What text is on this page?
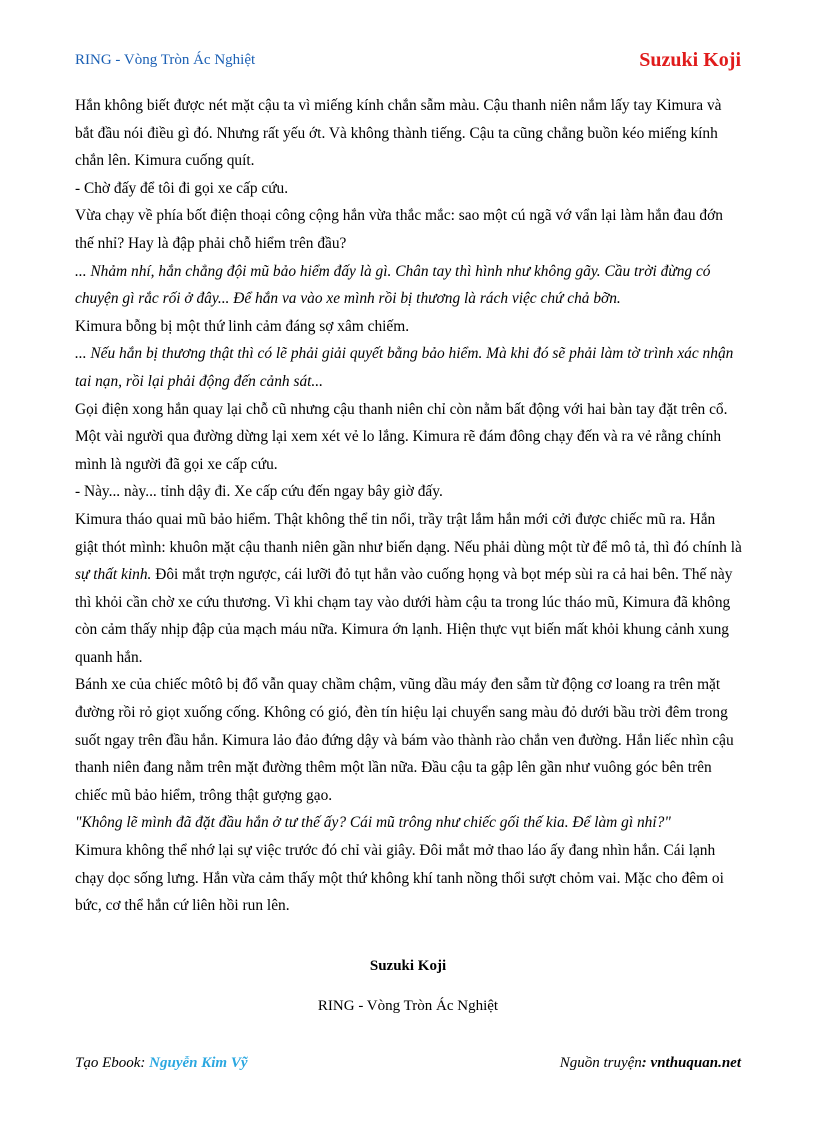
RING - Vòng Tròn Ác Nghiệt	Suzuki Koji

Hắn không biết được nét mặt cậu ta vì miếng kính chắn sẫm màu. Cậu thanh niên nắm lấy tay Kimura và bắt đầu nói điều gì đó. Nhưng rất yếu ớt. Và không thành tiếng. Cậu ta cũng chẳng buồn kéo miếng kính chắn lên. Kimura cuống quít.

- Chờ đấy để tôi đi gọi xe cấp cứu.

Vừa chạy về phía bốt điện thoại công cộng hắn vừa thắc mắc: sao một cú ngã vớ vẩn lại làm hắn đau đớn thế nhỉ? Hay là đập phải chỗ hiểm trên đầu?

... Nhảm nhí, hắn chẳng đội mũ bảo hiểm đấy là gì. Chân tay thì hình như không gãy. Cầu trời đừng có chuyện gì rắc rối ở đây... Để hắn va vào xe mình rồi bị thương là rách việc chứ chả bỡn.

Kimura bỗng bị một thứ linh cảm đáng sợ xâm chiếm.

... Nếu hắn bị thương thật thì có lẽ phải giải quyết bằng bảo hiểm. Mà khi đó sẽ phải làm tờ trình xác nhận tai nạn, rồi lại phải động đến cảnh sát...

Gọi điện xong hắn quay lại chỗ cũ nhưng cậu thanh niên chỉ còn nằm bất động với hai bàn tay đặt trên cổ. Một vài người qua đường dừng lại xem xét vẻ lo lắng. Kimura rẽ đám đông chạy đến và ra vẻ rằng chính mình là người đã gọi xe cấp cứu.

- Này... này... tỉnh dậy đi. Xe cấp cứu đến ngay bây giờ đấy.

Kimura tháo quai mũ bảo hiểm. Thật không thể tin nổi, trầy trật lắm hắn mới cởi được chiếc mũ ra. Hắn giật thót mình: khuôn mặt cậu thanh niên gần như biến dạng. Nếu phải dùng một từ để mô tả, thì đó chính là sự thất kinh. Đôi mắt trợn ngược, cái lưỡi đỏ tụt hẳn vào cuống họng và bọt mép sùi ra cả hai bên. Thế này thì khỏi cần chờ xe cứu thương. Vì khi chạm tay vào dưới hàm cậu ta trong lúc tháo mũ, Kimura đã không còn cảm thấy nhịp đập của mạch máu nữa. Kimura ớn lạnh. Hiện thực vụt biến mất khỏi khung cảnh xung quanh hắn.

Bánh xe của chiếc môtô bị đổ vẫn quay chầm chậm, vũng dầu máy đen sẫm từ động cơ loang ra trên mặt đường rồi rỏ giọt xuống cống. Không có gió, đèn tín hiệu lại chuyển sang màu đỏ dưới bầu trời đêm trong suốt ngay trên đầu hắn. Kimura lảo đảo đứng dậy và bám vào thành rào chắn ven đường. Hắn liếc nhìn cậu thanh niên đang nằm trên mặt đường thêm một lần nữa. Đầu cậu ta gập lên gần như vuông góc bên trên chiếc mũ bảo hiểm, trông thật gượng gạo.

"Không lẽ mình đã đặt đầu hắn ở tư thế ấy? Cái mũ trông như chiếc gối thế kia. Để làm gì nhỉ?"

Kimura không thể nhớ lại sự việc trước đó chỉ vài giây. Đôi mắt mở thao láo ấy đang nhìn hắn. Cái lạnh chạy dọc sống lưng. Hắn vừa cảm thấy một thứ không khí tanh nồng thổi sượt chỏm vai. Mặc cho đêm oi bức, cơ thể hắn cứ liên hồi run lên.

Suzuki Koji
RING - Vòng Tròn Ác Nghiệt
Tạo Ebook: Nguyễn Kim Vỹ	Nguồn truyện: vnthuquan.net
